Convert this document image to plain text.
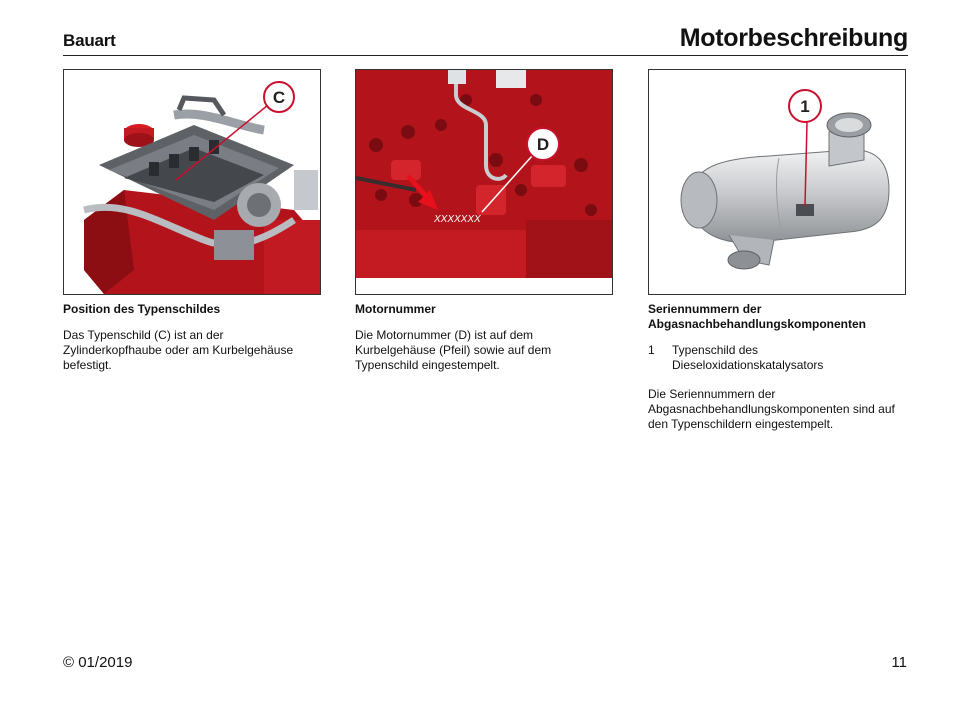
Bauart	Motorbeschreibung
C
XXXXXXX
D
1

Position des Typenschildes

Das Typenschild (C) ist an der Zylinderkopfhaube oder am Kurbelgehäuse befestigt.

Motornummer

Die Motornummer (D) ist auf dem Kurbelgehäuse (Pfeil) sowie auf dem Typenschild eingestempelt.

Seriennummern der
Abgasnachbehandlungskomponenten

1	Typenschild des Dieseloxidationskatalysators

Die Seriennummern der Abgasnachbehandlungskomponenten sind auf den Typenschildern eingestempelt.

© 01/2019	11
